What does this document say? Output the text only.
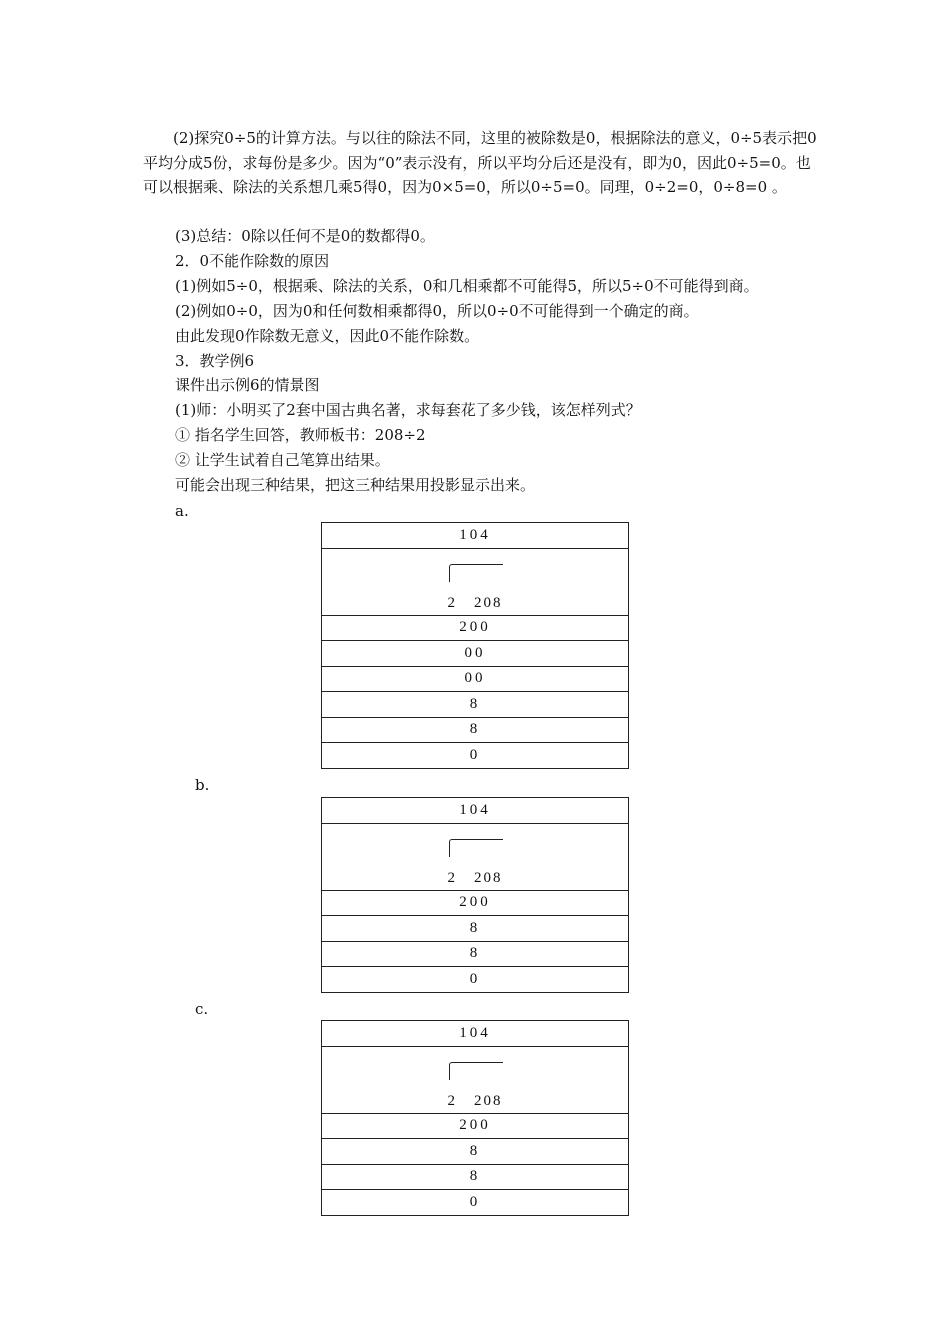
(2)探究0÷5的计算方法。与以往的除法不同，这里的被除数是0，根据除法的意义，0÷5表示把0平均分成5份，求每份是多少。因为“0”表示没有，所以平均分后还是没有，即为0，因此0÷5=0。也可以根据乘、除法的关系想几乘5得0，因为0×5=0，所以0÷5=0。同理，0÷2=0，0÷8=0 。
(3)总结：0除以任何不是0的数都得0。
2．0不能作除数的原因
(1)例如5÷0，根据乘、除法的关系，0和几相乘都不可能得5，所以5÷0不可能得到商。
(2)例如0÷0，因为0和任何数相乘都得0，所以0÷0不可能得到一个确定的商。
由此发现0作除数无意义，因此0不能作除数。
3．教学例6
课件出示例6的情景图
(1)师：小明买了2套中国古典名著，求每套花了多少钱，该怎样列式？
① 指名学生回答，教师板书：208÷2
② 让学生试着自己笔算出结果。
可能会出现三种结果，把这三种结果用投影显示出来。
a.
104

2　208

200
00
00
8
8
0
b.
104

2　208

200
8
8
0
c.
104

2　208

200
8
8
0
